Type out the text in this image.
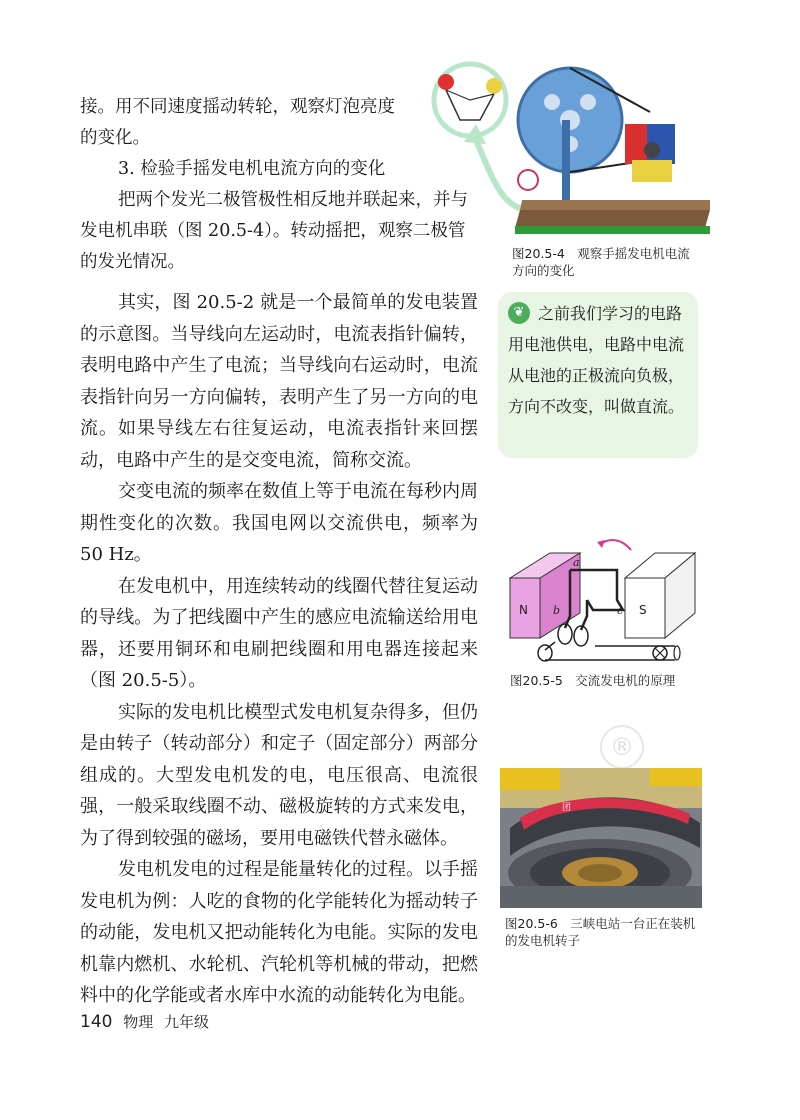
接。用不同速度摇动转轮，观察灯泡亮度

的变化。

3. 检验手摇发电机电流方向的变化

把两个发光二极管极性相反地并联起来，并与发电机串联（图 20.5-4）。转动摇把，观察二极管的发光情况。	图20.5-4　观察手摇发电机电流方向的变化

其实，图 20.5-2 就是一个最简单的发电装置的示意图。当导线向左运动时，电流表指针偏转，表明电路中产生了电流；当导线向右运动时，电流表指针向另一方向偏转，表明产生了另一方向的电流。如果导线左右往复运动，电流表指针来回摆动，电路中产生的是交变电流，简称交流。

交变电流的频率在数值上等于电流在每秒内周期性变化的次数。我国电网以交流供电，频率为 50 Hz。

在发电机中，用连续转动的线圈代替往复运动的导线。为了把线圈中产生的感应电流输送给用电器，还要用铜环和电刷把线圈和用电器连接起来（图 20.5-5）。

实际的发电机比模型式发电机复杂得多，但仍是由转子（转动部分）和定子（固定部分）两部分组成的。大型发电机发的电，电压很高、电流很强，一般采取线圈不动、磁极旋转的方式来发电，为了得到较强的磁场，要用电磁铁代替永磁体。

发电机发电的过程是能量转化的过程。以手摇发电机为例：人吃的食物的化学能转化为摇动转子的动能，发电机又把动能转化为电能。实际的发电机靠内燃机、水轮机、汽轮机等机械的带动，把燃料中的化学能或者水库中水流的动能转化为电能。

❦ 之前我们学习的电路用电池供电，电路中电流从电池的正极流向负极，方向不改变，叫做直流。
N	S
a
b	c
图20.5-5　交流发电机的原理
®
团
图20.5-6　三峡电站一台正在装机的发电机转子
140 物理 九年级
